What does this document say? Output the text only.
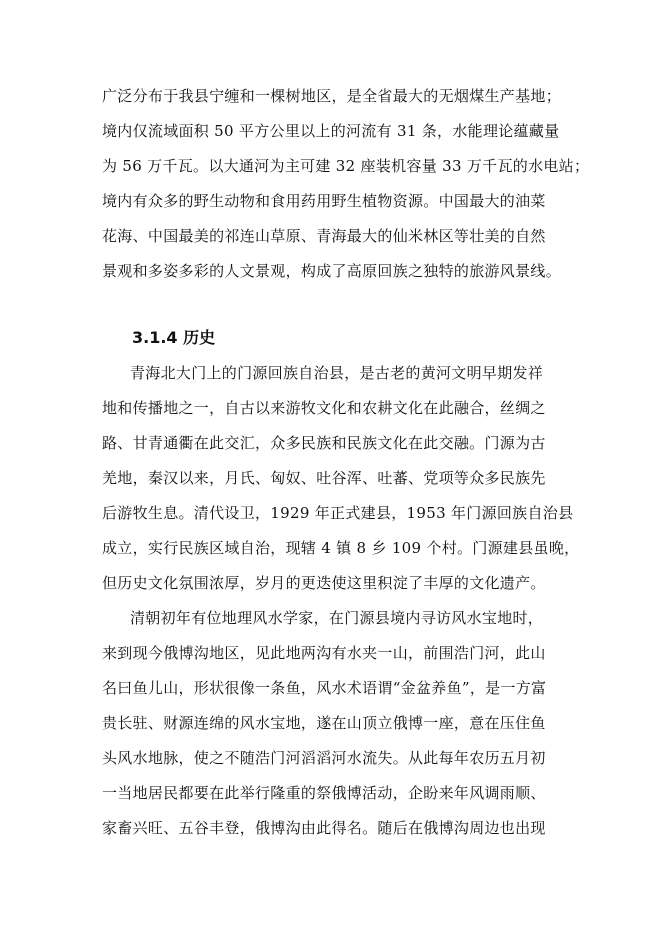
广泛分布于我县宁缠和一棵树地区，是全省最大的无烟煤生产基地；
境内仅流域面积 50 平方公里以上的河流有 31 条，水能理论蕴藏量
为 56 万千瓦。以大通河为主可建 32 座装机容量 33 万千瓦的水电站；
境内有众多的野生动物和食用药用野生植物资源。中国最大的油菜
花海、中国最美的祁连山草原、青海最大的仙米林区等壮美的自然
景观和多姿多彩的人文景观，构成了高原回族之独特的旅游风景线。
3.1.4 历史
青海北大门上的门源回族自治县，是古老的黄河文明早期发祥
地和传播地之一，自古以来游牧文化和农耕文化在此融合，丝绸之
路、甘青通衢在此交汇，众多民族和民族文化在此交融。门源为古
羌地，秦汉以来，月氏、匈奴、吐谷浑、吐蕃、党项等众多民族先
后游牧生息。清代设卫，1929 年正式建县，1953 年门源回族自治县
成立，实行民族区域自治，现辖 4 镇 8 乡 109 个村。门源建县虽晚，
但历史文化氛围浓厚，岁月的更迭使这里积淀了丰厚的文化遗产。
清朝初年有位地理风水学家，在门源县境内寻访风水宝地时，
来到现今俄博沟地区，见此地两沟有水夹一山，前围浩门河，此山
名曰鱼儿山，形状很像一条鱼，风水术语谓“金盆养鱼”，是一方富
贵长驻、财源连绵的风水宝地，遂在山顶立俄博一座，意在压住鱼
头风水地脉，使之不随浩门河滔滔河水流失。从此每年农历五月初
一当地居民都要在此举行隆重的祭俄博活动，企盼来年风调雨顺、
家畜兴旺、五谷丰登，俄博沟由此得名。随后在俄博沟周边也出现
